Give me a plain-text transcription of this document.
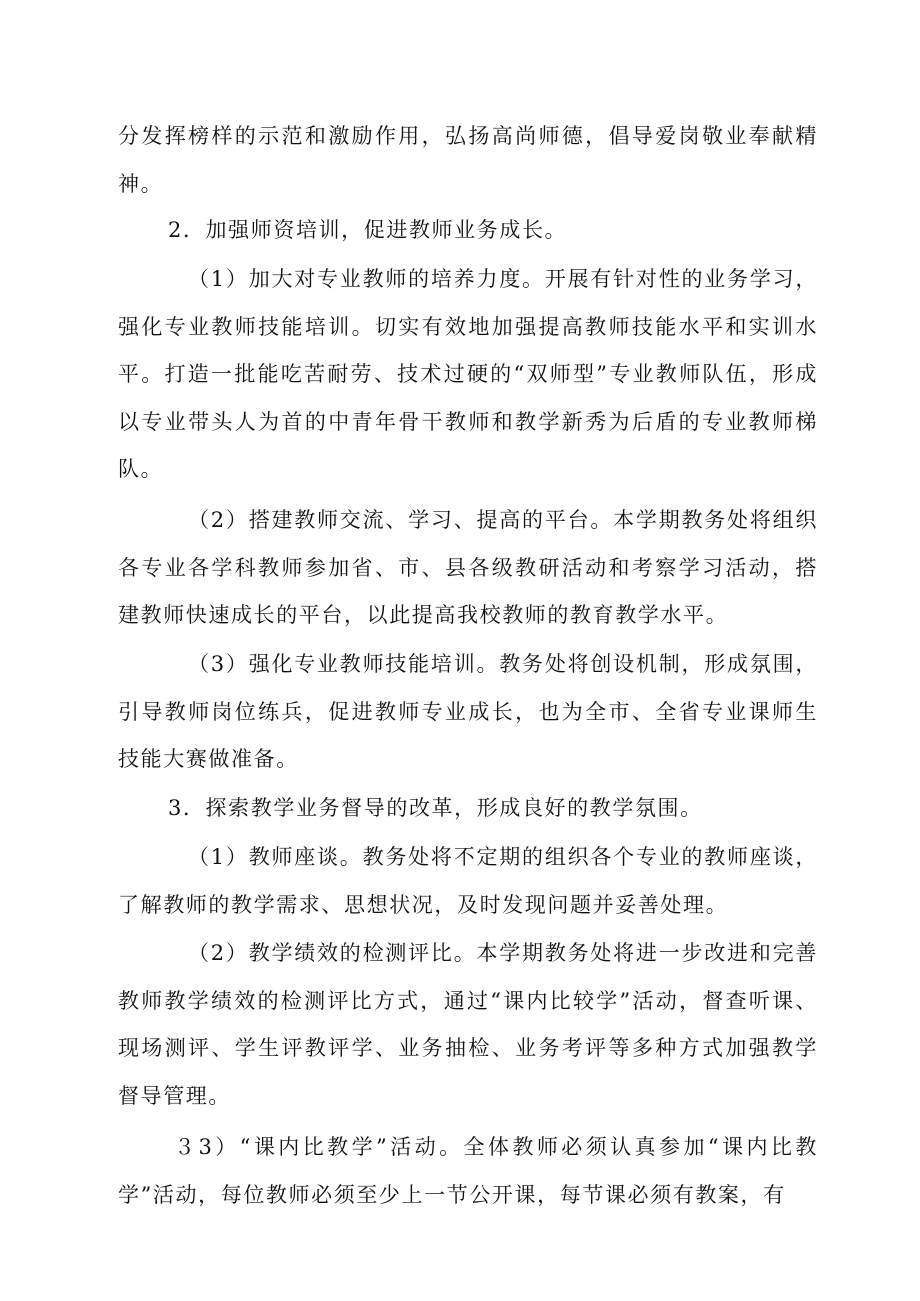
分发挥榜样的示范和激励作用，弘扬高尚师德，倡导爱岗敬业奉献精神。

2．加强师资培训，促进教师业务成长。

（1）加大对专业教师的培养力度。开展有针对性的业务学习，强化专业教师技能培训。切实有效地加强提高教师技能水平和实训水平。打造一批能吃苦耐劳、技术过硬的“双师型”专业教师队伍，形成以专业带头人为首的中青年骨干教师和教学新秀为后盾的专业教师梯队。

（2）搭建教师交流、学习、提高的平台。本学期教务处将组织各专业各学科教师参加省、市、县各级教研活动和考察学习活动，搭建教师快速成长的平台，以此提高我校教师的教育教学水平。

（3）强化专业教师技能培训。教务处将创设机制，形成氛围，引导教师岗位练兵，促进教师专业成长，也为全市、全省专业课师生技能大赛做准备。

3．探索教学业务督导的改革，形成良好的教学氛围。

（1）教师座谈。教务处将不定期的组织各个专业的教师座谈，了解教师的教学需求、思想状况，及时发现问题并妥善处理。

（2）教学绩效的检测评比。本学期教务处将进一步改进和完善教师教学绩效的检测评比方式，通过“课内比较学”活动，督查听课、现场测评、学生评教评学、业务抽检、业务考评等多种方式加强教学督导管理。

３3）“课内比教学”活动。全体教师必须认真参加“课内比教学”活动，每位教师必须至少上一节公开课，每节课必须有教案，有
